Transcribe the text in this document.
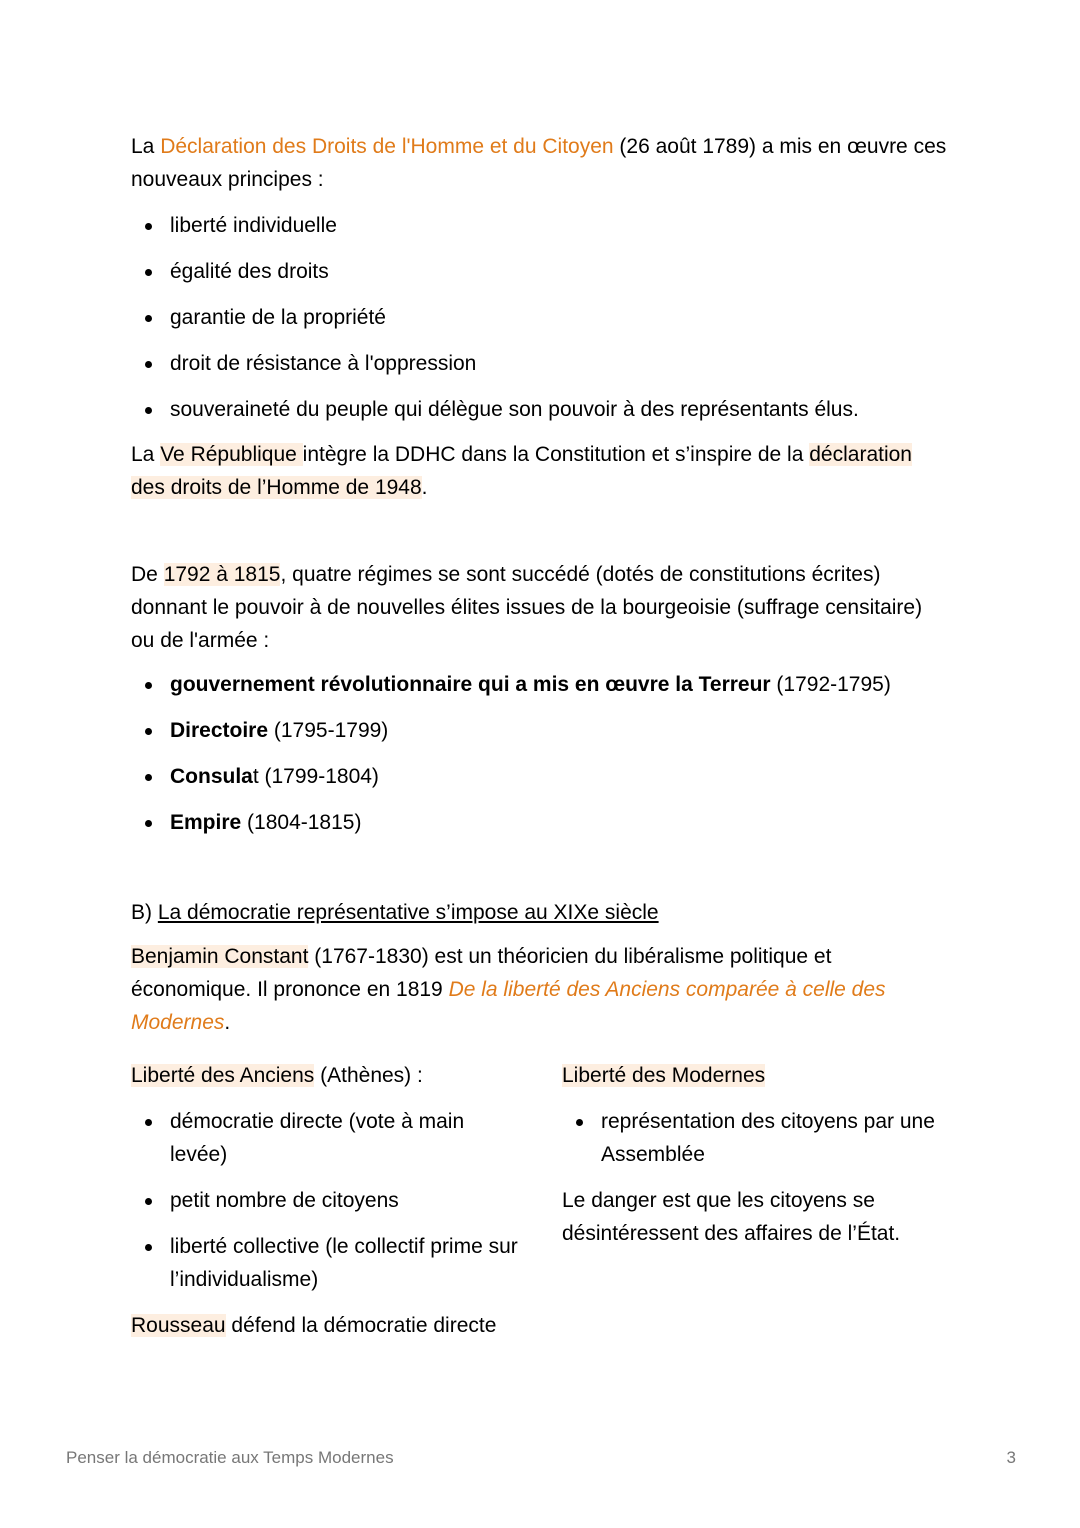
La Déclaration des Droits de l'Homme et du Citoyen (26 août 1789) a mis en œuvre ces nouveaux principes :
liberté individuelle
égalité des droits
garantie de la propriété
droit de résistance à l'oppression
souveraineté du peuple qui délègue son pouvoir à des représentants élus.
La Ve République intègre la DDHC dans la Constitution et s’inspire de la déclaration des droits de l’Homme de 1948.
De 1792 à 1815, quatre régimes se sont succédé (dotés de constitutions écrites) donnant le pouvoir à de nouvelles élites issues de la bourgeoisie (suffrage censitaire) ou de l'armée :
gouvernement révolutionnaire qui a mis en œuvre la Terreur (1792-1795)
Directoire (1795-1799)
Consulat (1799-1804)
Empire (1804-1815)
B) La démocratie représentative s’impose au XIXe siècle
Benjamin Constant (1767-1830) est un théoricien du libéralisme politique et économique. Il prononce en 1819 De la liberté des Anciens comparée à celle des Modernes.
Liberté des Anciens (Athènes) :
démocratie directe (vote à main levée)
petit nombre de citoyens
liberté collective (le collectif prime sur l’individualisme)
Rousseau défend la démocratie directe
Liberté des Modernes
représentation des citoyens par une Assemblée
Le danger est que les citoyens se désintéressent des affaires de l’État.
Penser la démocratie aux Temps Modernes	3
